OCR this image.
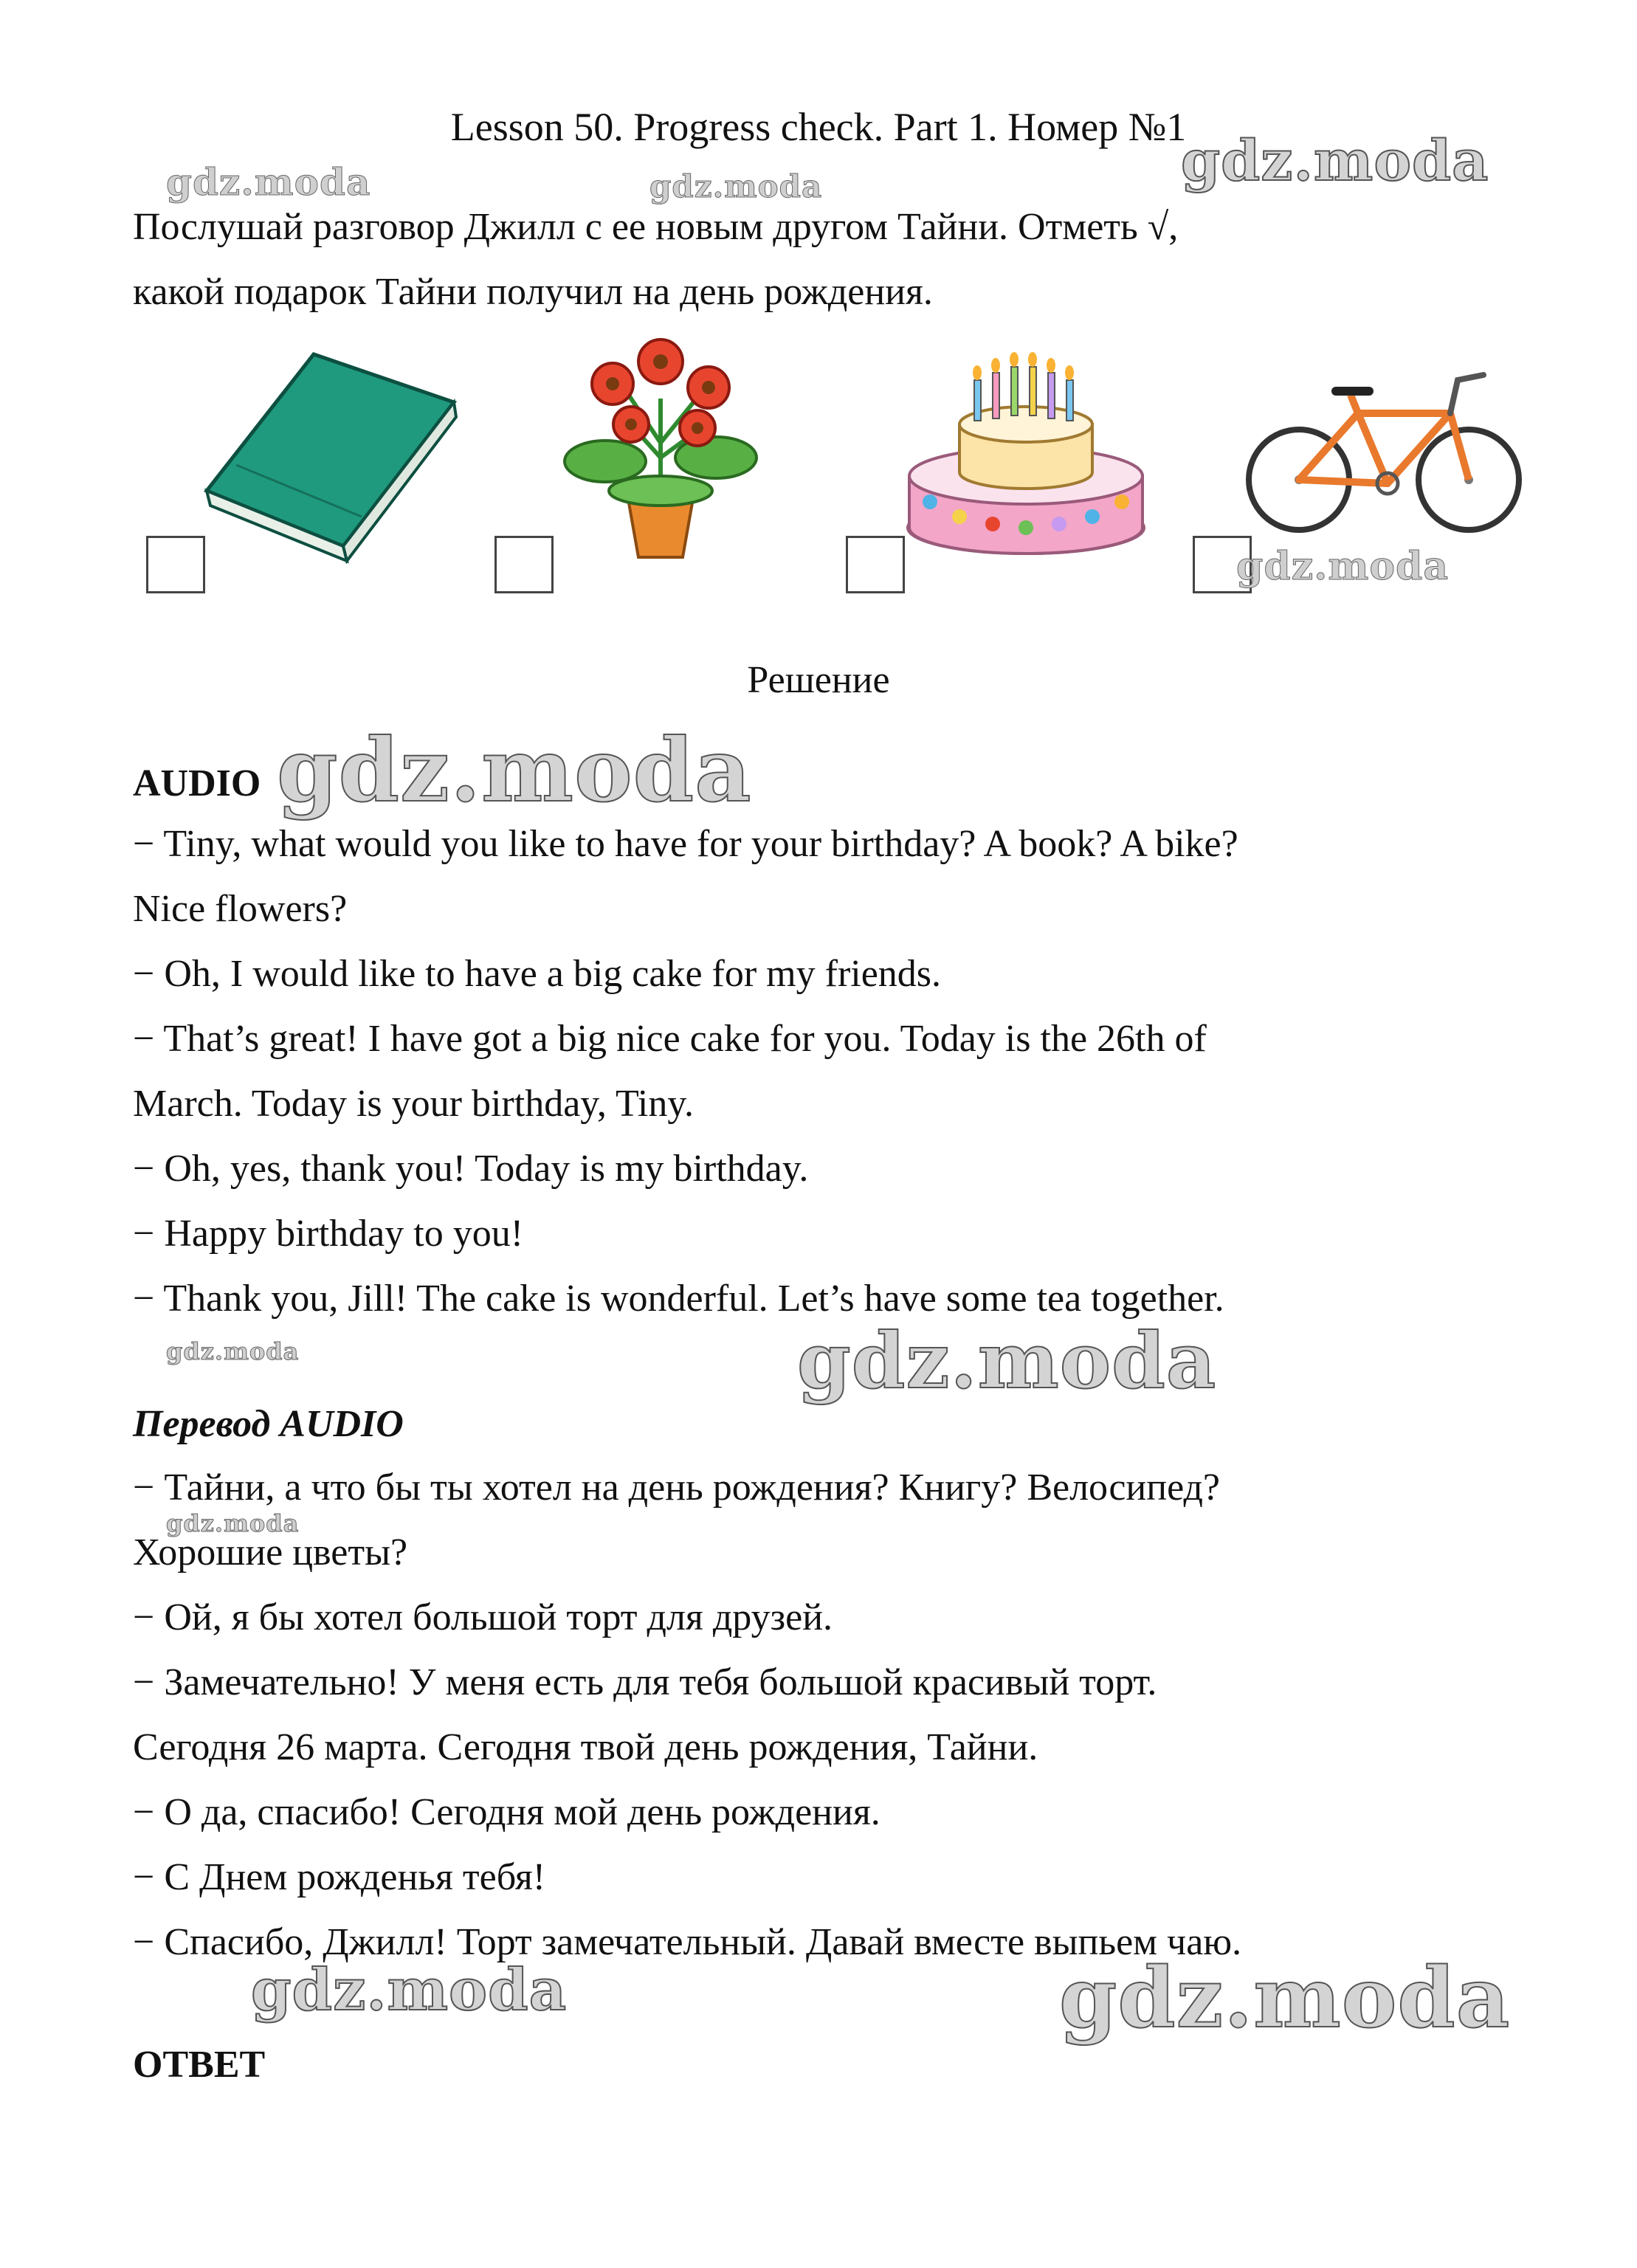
Lesson 50. Progress check. Part 1. Номер №1
Послушай разговор Джилл с ее новым другом Тайни. Отметь √,
какой подарок Тайни получил на день рождения.
Решение
AUDIO
− Tiny, what would you like to have for your birthday? A book? A bike?
Nice flowers?
− Oh, I would like to have a big cake for my friends.
− That’s great! I have got a big nice cake for you. Today is the 26th of
March. Today is your birthday, Tiny.
− Oh, yes, thank you! Today is my birthday.
− Happy birthday to you!
− Thank you, Jill! The cake is wonderful. Let’s have some tea together.
Перевод AUDIO
− Тайни, а что бы ты хотел на день рождения? Книгу? Велосипед?
Хорошие цветы?
− Ой, я бы хотел большой торт для друзей.
− Замечательно! У меня есть для тебя большой красивый торт.
Сегодня 26 марта. Сегодня твой день рождения, Тайни.
− О да, спасибо! Сегодня мой день рождения.
− С Днем рожденья тебя!
− Спасибо, Джилл! Торт замечательный. Давай вместе выпьем чаю.
ОТВЕТ
gdz.moda	gdz.moda	gdz.moda
gdz.moda
gdz.moda
gdz.moda	gdz.moda
gdz.moda
gdz.moda	gdz.moda
